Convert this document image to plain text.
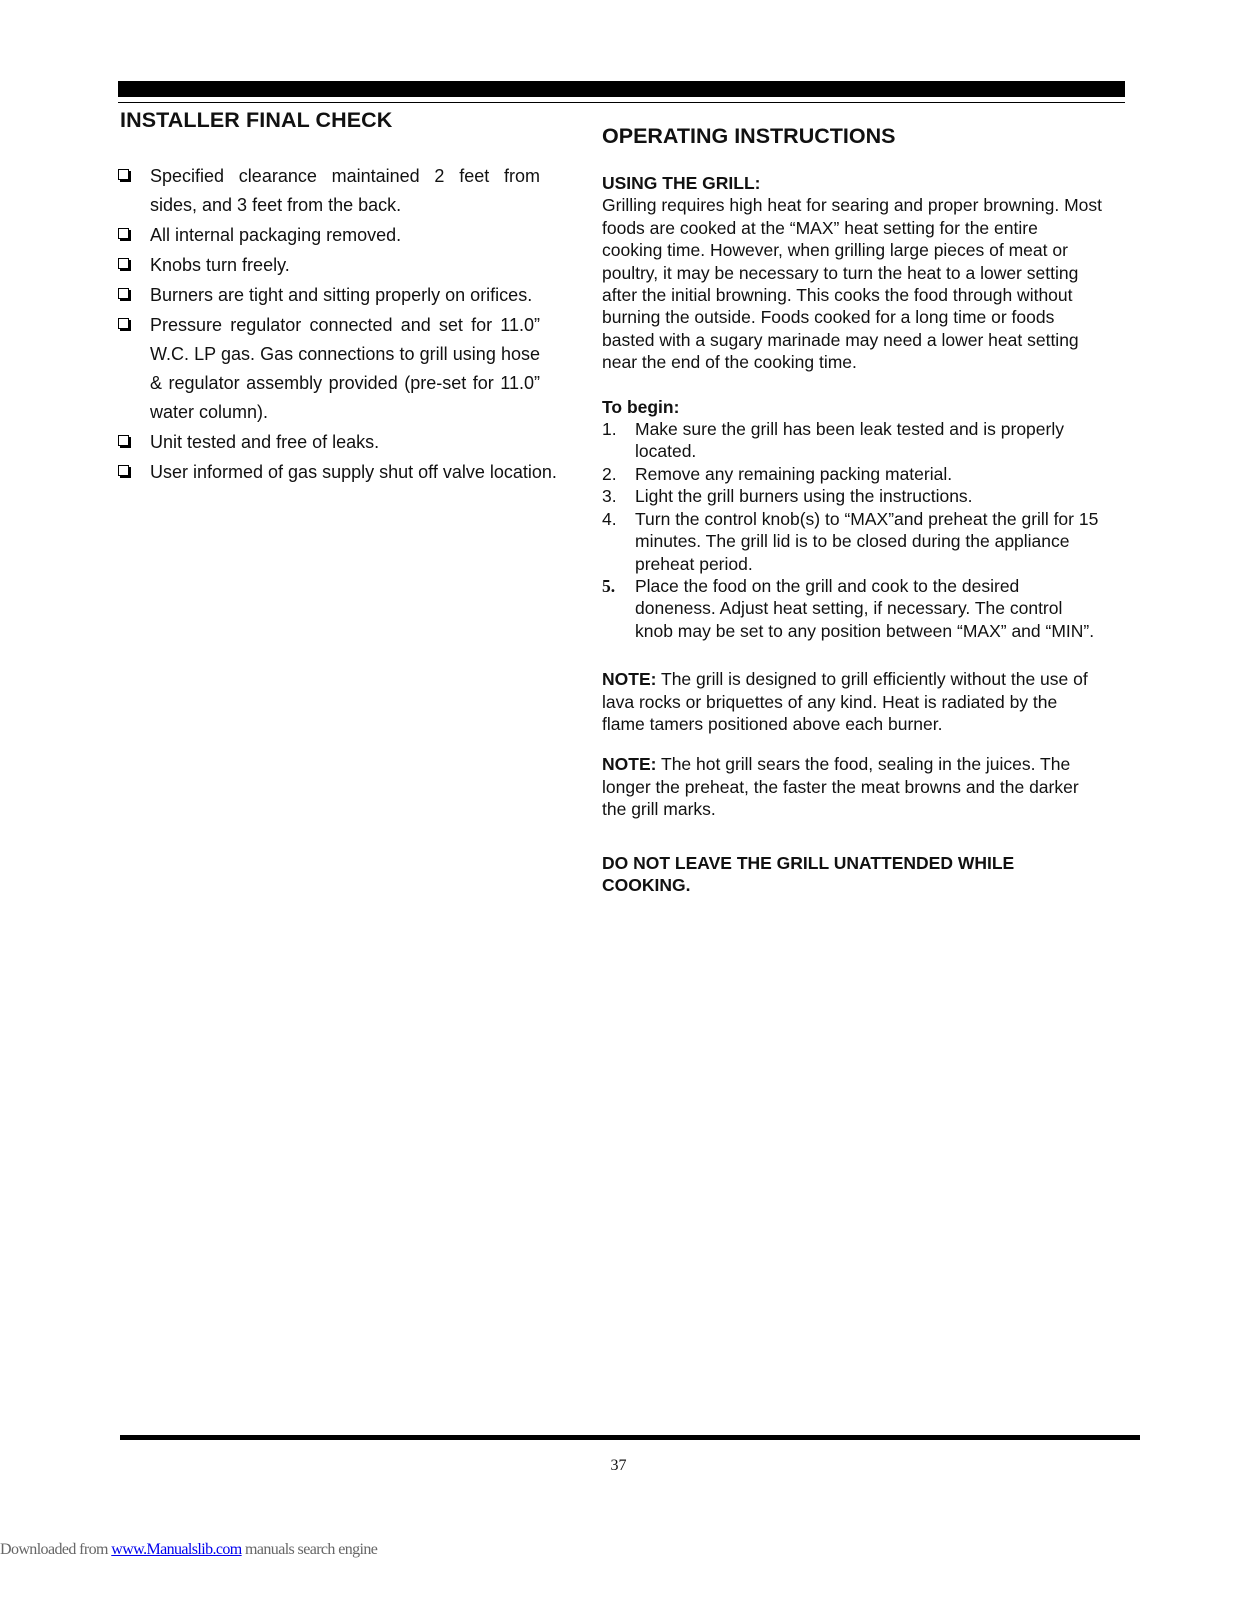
INSTALLER FINAL CHECK
Specified clearance maintained 2 feet from sides, and 3 feet from the back.
All internal packaging removed.
Knobs turn freely.
Burners are tight and sitting properly on orifices.
Pressure regulator connected and set for 11.0” W.C. LP gas. Gas connections to grill using hose & regulator assembly provided (pre-set for 11.0” water column).
Unit tested and free of leaks.
User informed of gas supply shut off valve location.
OPERATING INSTRUCTIONS
USING THE GRILL:

Grilling requires high heat for searing and proper browning. Most foods are cooked at the “MAX” heat setting for the entire cooking time. However, when grilling large pieces of meat or poultry, it may be necessary to turn the heat to a lower setting after the initial browning. This cooks the food through without burning the outside. Foods cooked for a long time or foods basted with a sugary marinade may need a lower heat setting near the end of the cooking time.

To begin:
1. Make sure the grill has been leak tested and is properly located.
2. Remove any remaining packing material.
3. Light the grill burners using the instructions.
4. Turn the control knob(s) to “MAX”and preheat the grill for 15 minutes. The grill lid is to be closed during the appliance preheat period.
5. Place the food on the grill and cook to the desired doneness. Adjust heat setting, if necessary. The control knob may be set to any position between “MAX” and “MIN”.

NOTE: The grill is designed to grill efficiently without the use of lava rocks or briquettes of any kind. Heat is radiated by the flame tamers positioned above each burner.

NOTE: The hot grill sears the food, sealing in the juices. The longer the preheat, the faster the meat browns and the darker the grill marks.

DO NOT LEAVE THE GRILL UNATTENDED WHILE COOKING.
37
Downloaded from www.Manualslib.com manuals search engine
